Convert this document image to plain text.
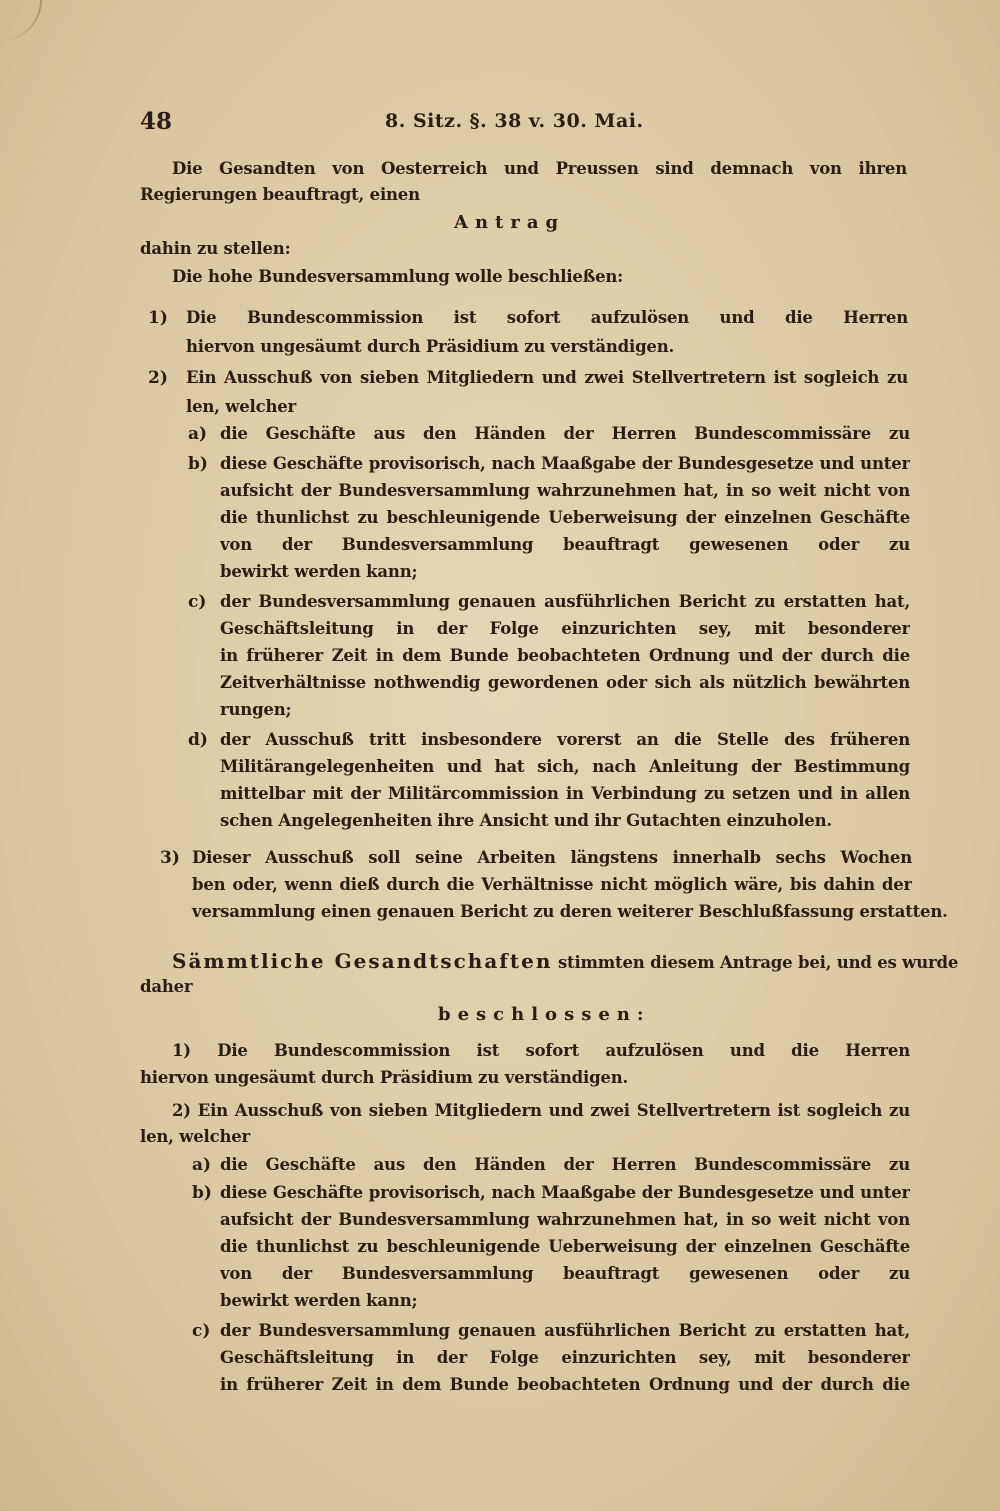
48	8. Sitz. §. 38 v. 30. Mai.
Die Gesandten von Oesterreich und Preussen sind demnach von ihren
Regierungen beauftragt, einen
Antrag
dahin zu stellen:
Die hohe Bundesversammlung wolle beschließen:
1) Die Bundescommission ist sofort aufzulösen und die Herren
hiervon ungesäumt durch Präsidium zu verständigen.
2) Ein Ausschuß von sieben Mitgliedern und zwei Stellvertretern ist sogleich zu
len, welcher
a) die Geschäfte aus den Händen der Herren Bundescommissäre zu
b) diese Geschäfte provisorisch, nach Maaßgabe der Bundesgesetze und unter
aufsicht der Bundesversammlung wahrzunehmen hat, in so weit nicht von
die thunlichst zu beschleunigende Ueberweisung der einzelnen Geschäfte
von der Bundesversammlung beauftragt gewesenen oder zu
bewirkt werden kann;
c) der Bundesversammlung genauen ausführlichen Bericht zu erstatten hat,
Geschäftsleitung in der Folge einzurichten sey, mit besonderer
in früherer Zeit in dem Bunde beobachteten Ordnung und der durch die
Zeitverhältnisse nothwendig gewordenen oder sich als nützlich bewährten
rungen;
d) der Ausschuß tritt insbesondere vorerst an die Stelle des früheren
Militärangelegenheiten und hat sich, nach Anleitung der Bestimmung
mittelbar mit der Militärcommission in Verbindung zu setzen und in allen
schen Angelegenheiten ihre Ansicht und ihr Gutachten einzuholen.
3) Dieser Ausschuß soll seine Arbeiten längstens innerhalb sechs Wochen
ben oder, wenn dieß durch die Verhältnisse nicht möglich wäre, bis dahin der
versammlung einen genauen Bericht zu deren weiterer Beschlußfassung erstatten.
Sämmtliche Gesandtschaften stimmten diesem Antrage bei, und es wurde
daher
beschlossen:
1) Die Bundescommission ist sofort aufzulösen und die Herren
hiervon ungesäumt durch Präsidium zu verständigen.
2) Ein Ausschuß von sieben Mitgliedern und zwei Stellvertretern ist sogleich zu
len, welcher
a) die Geschäfte aus den Händen der Herren Bundescommissäre zu
b) diese Geschäfte provisorisch, nach Maaßgabe der Bundesgesetze und unter
aufsicht der Bundesversammlung wahrzunehmen hat, in so weit nicht von
die thunlichst zu beschleunigende Ueberweisung der einzelnen Geschäfte
von der Bundesversammlung beauftragt gewesenen oder zu
bewirkt werden kann;
c) der Bundesversammlung genauen ausführlichen Bericht zu erstatten hat,
Geschäftsleitung in der Folge einzurichten sey, mit besonderer
in früherer Zeit in dem Bunde beobachteten Ordnung und der durch die
